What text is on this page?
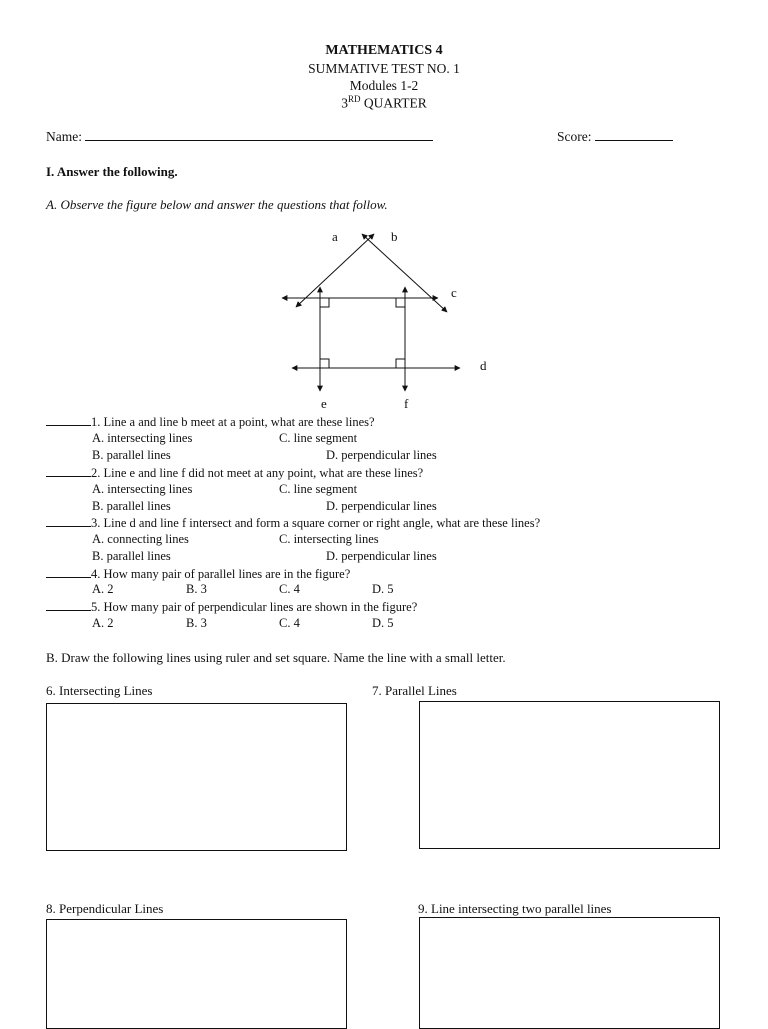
MATHEMATICS 4
SUMMATIVE TEST NO. 1
Modules 1-2
3RD QUARTER
Name:	Score:
I. Answer the following.
A. Observe the figure below and answer the questions that follow.
a	b
c
d
e	f
1. Line a and line b meet at a point, what are these lines?
A. intersecting lines	C. line segment
B. parallel lines	D. perpendicular lines
2. Line e and line f did not meet at any point, what are these lines?
A. intersecting lines	C. line segment
B. parallel lines	D. perpendicular lines
3. Line d and line f intersect and form a square corner or right angle, what are these lines?
A. connecting lines	C. intersecting lines
B. parallel lines	D. perpendicular lines
4. How many pair of parallel lines are in the figure?
A. 2	B. 3	C. 4	D. 5
5. How many pair of perpendicular lines are shown in the figure?
A. 2	B. 3	C. 4	D. 5
B. Draw the following lines using ruler and set square. Name the line with a small letter.
6. Intersecting Lines	7. Parallel Lines
8. Perpendicular Lines	9. Line intersecting two parallel lines
